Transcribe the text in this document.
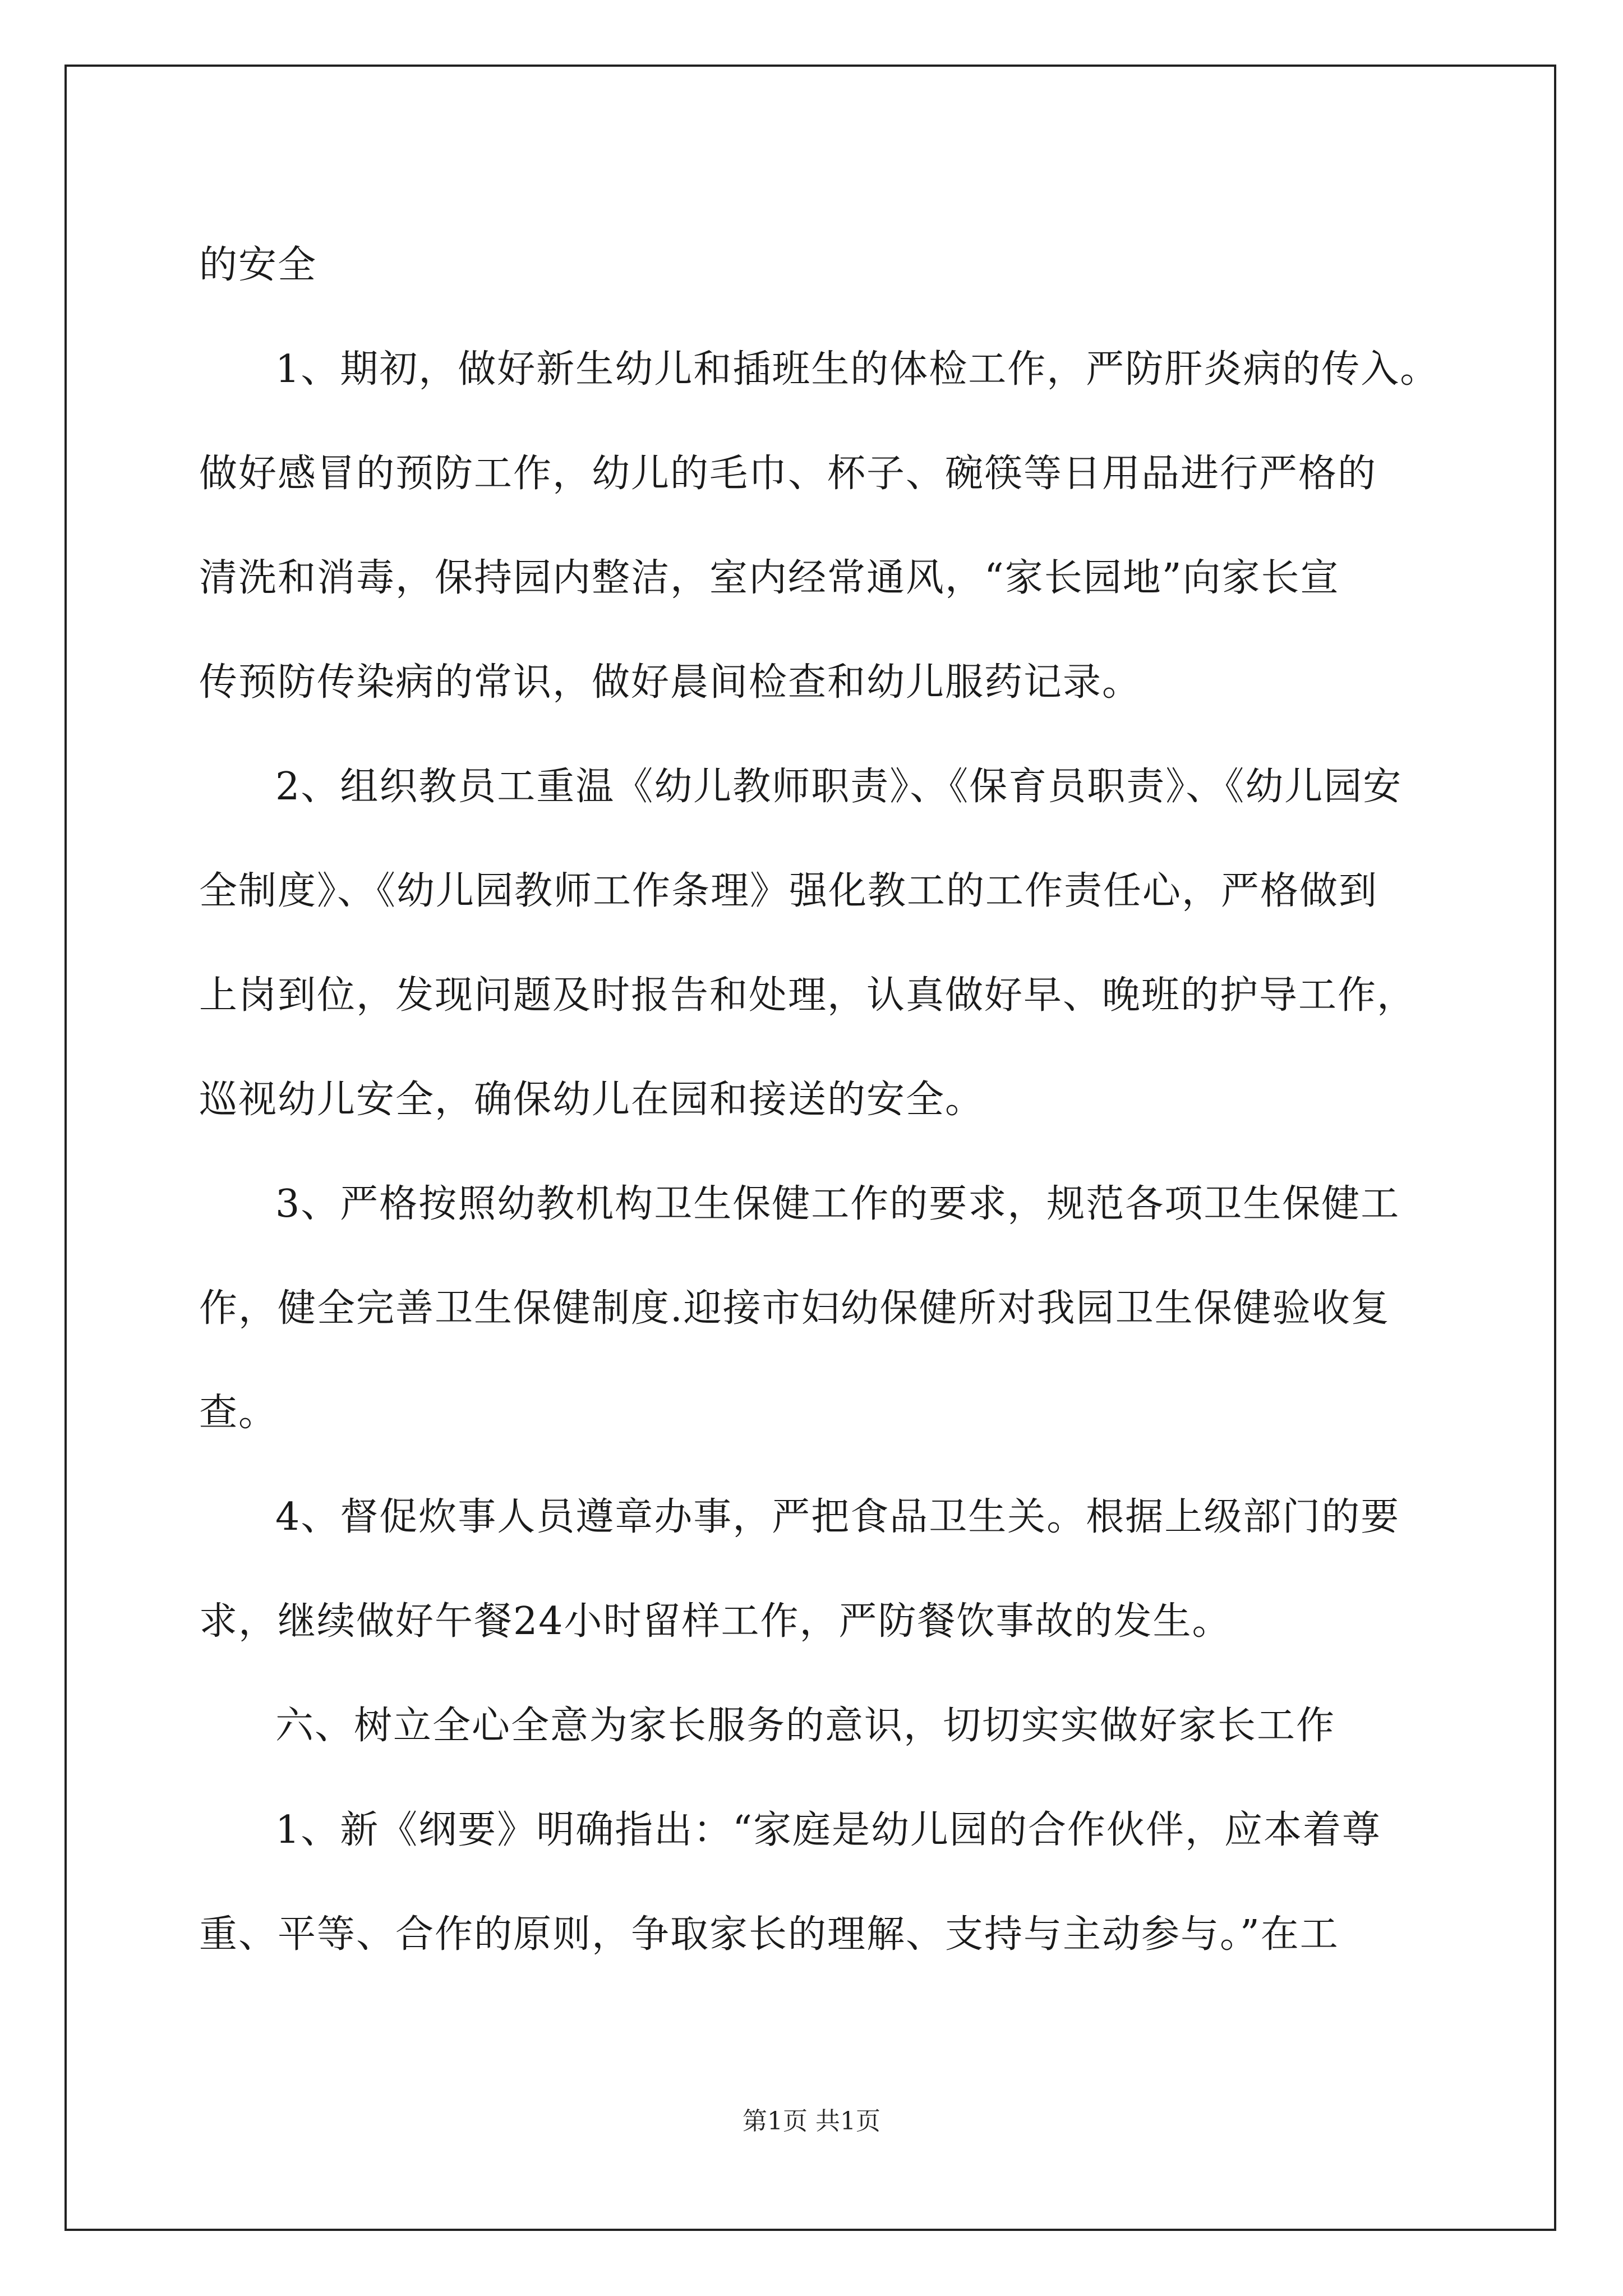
的安全
1、期初，做好新生幼儿和插班生的体检工作，严防肝炎病的传入。
做好感冒的预防工作，幼儿的毛巾、杯子、碗筷等日用品进行严格的
清洗和消毒，保持园内整洁，室内经常通风，“家长园地”向家长宣
传预防传染病的常识，做好晨间检查和幼儿服药记录。
2、组织教员工重温《幼儿教师职责》、《保育员职责》、《幼儿园安
全制度》、《幼儿园教师工作条理》强化教工的工作责任心，严格做到
上岗到位，发现问题及时报告和处理，认真做好早、晚班的护导工作，
巡视幼儿安全，确保幼儿在园和接送的安全。
3、严格按照幼教机构卫生保健工作的要求，规范各项卫生保健工
作，健全完善卫生保健制度.迎接市妇幼保健所对我园卫生保健验收复
查。
4、督促炊事人员遵章办事，严把食品卫生关。根据上级部门的要
求，继续做好午餐24小时留样工作，严防餐饮事故的发生。
六、树立全心全意为家长服务的意识，切切实实做好家长工作
1、新《纲要》明确指出：“家庭是幼儿园的合作伙伴，应本着尊
重、平等、合作的原则，争取家长的理解、支持与主动参与。”在工
第1页 共1页
